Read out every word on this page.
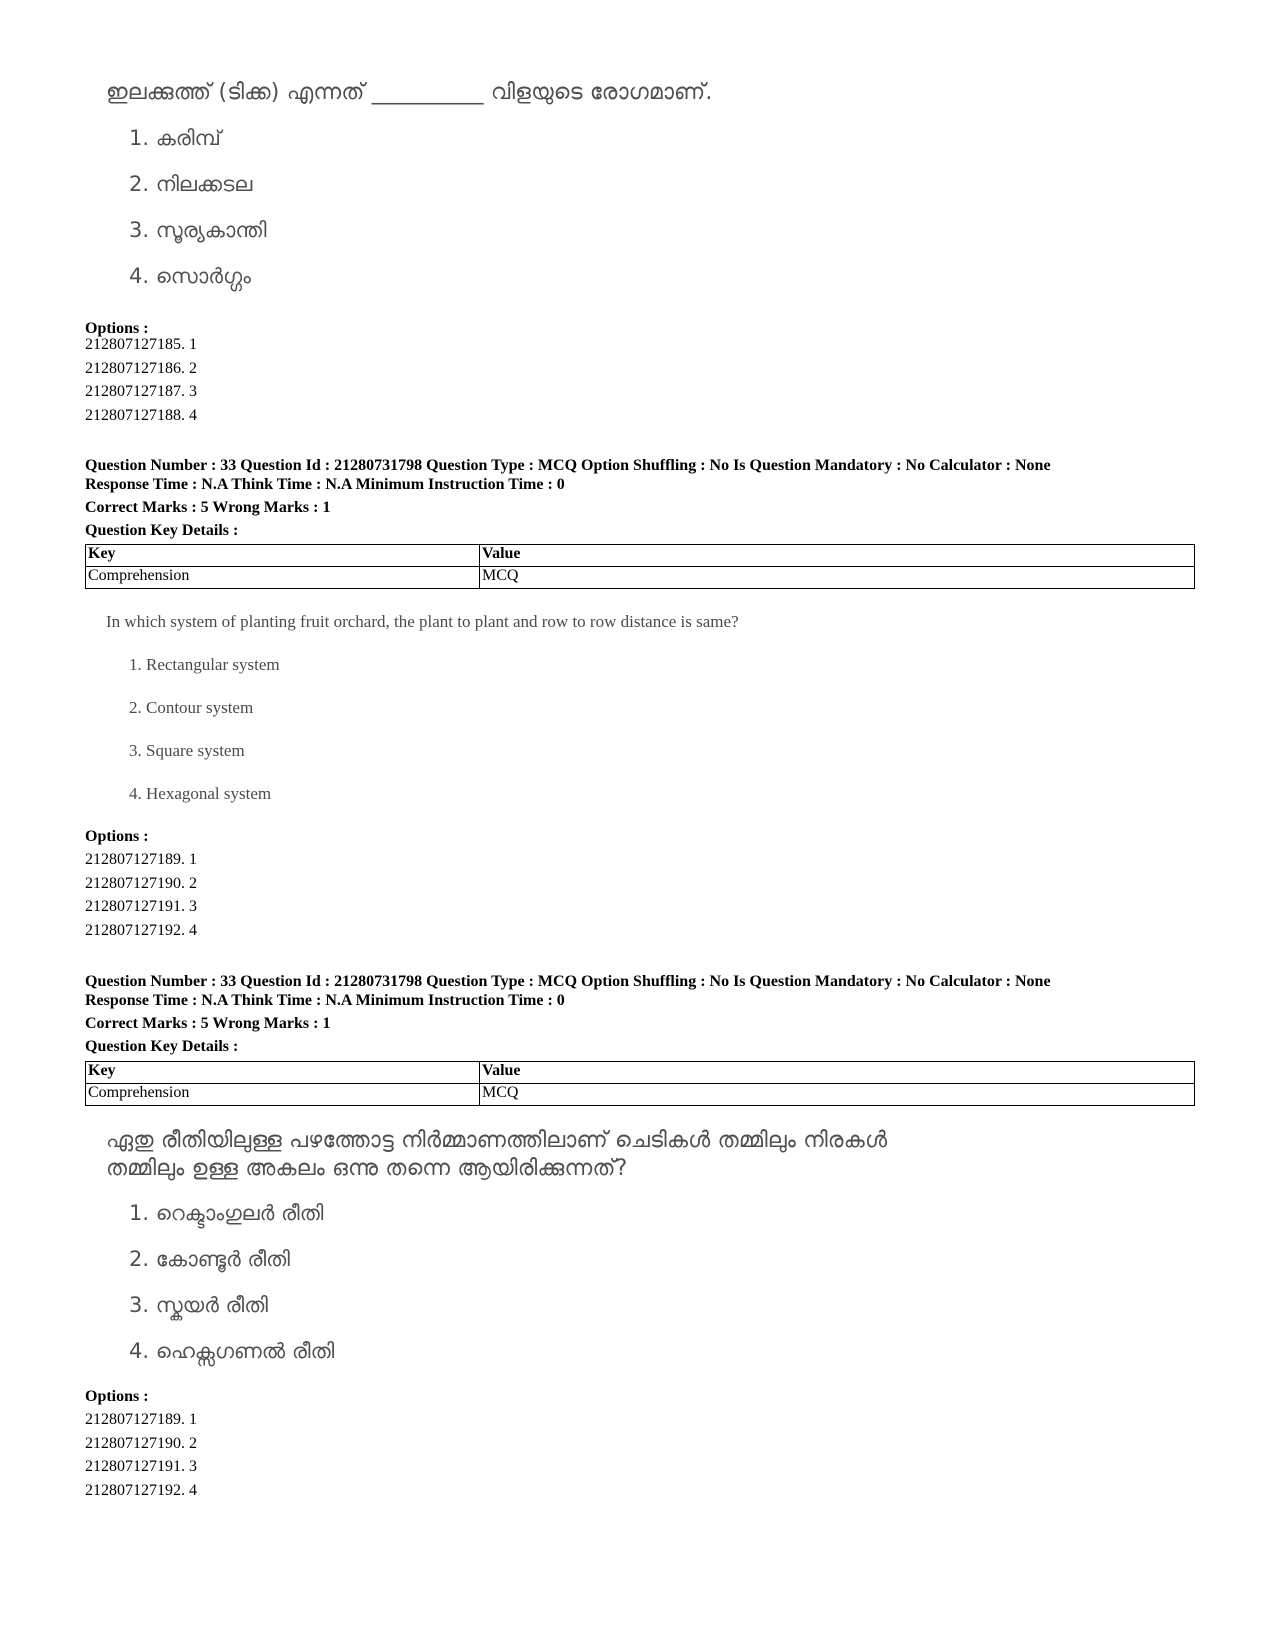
ഇലക്കുത്ത് (ടിക്ക) എന്നത് __________ വിളയുടെ രോഗമാണ്.
1. കരിമ്പ്
2. നിലക്കടല
3. സൂര്യകാന്തി
4. സൊർഗ്ഗം
Options :
212807127185. 1
212807127186. 2
212807127187. 3
212807127188. 4
Question Number : 33 Question Id : 21280731798 Question Type : MCQ Option Shuffling : No Is Question Mandatory : No Calculator : None
Response Time : N.A Think Time : N.A Minimum Instruction Time : 0
Correct Marks : 5 Wrong Marks : 1
Question Key Details :
Key	Value
Comprehension	MCQ
In which system of planting fruit orchard, the plant to plant and row to row distance is same?
1. Rectangular system
2. Contour system
3. Square system
4. Hexagonal system
Options :
212807127189. 1
212807127190. 2
212807127191. 3
212807127192. 4
Question Number : 33 Question Id : 21280731798 Question Type : MCQ Option Shuffling : No Is Question Mandatory : No Calculator : None
Response Time : N.A Think Time : N.A Minimum Instruction Time : 0
Correct Marks : 5 Wrong Marks : 1
Question Key Details :
Key	Value
Comprehension	MCQ
ഏതു രീതിയിലുള്ള പഴത്തോട്ട നിർമ്മാണത്തിലാണ് ചെടികൾ തമ്മിലും നിരകൾ
തമ്മിലും ഉള്ള അകലം ഒന്നു തന്നെ ആയിരിക്കുന്നത്?
1. റെക്ടാംഗുലർ രീതി
2. കോണ്ടൂർ രീതി
3. സ്കയർ രീതി
4. ഹെക്സഗണൽ രീതി
Options :
212807127189. 1
212807127190. 2
212807127191. 3
212807127192. 4
